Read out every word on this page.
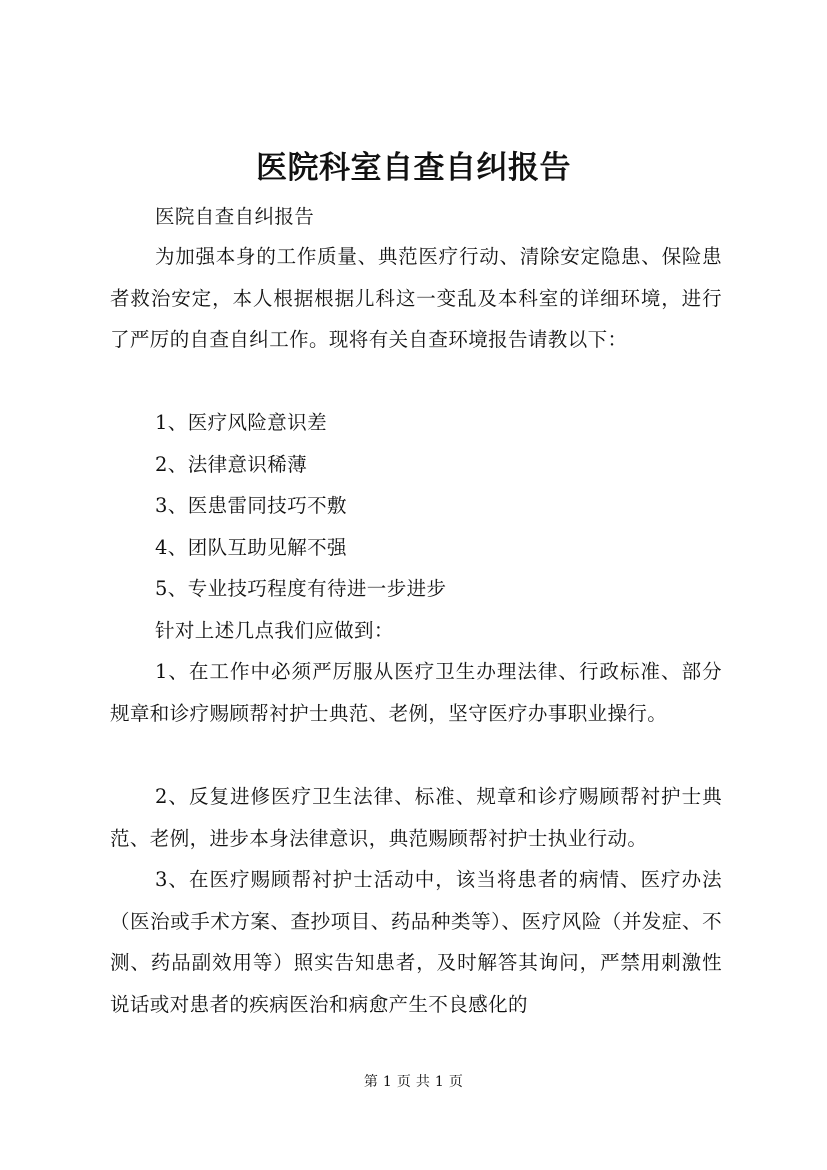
医院科室自查自纠报告

医院自查自纠报告

为加强本身的工作质量、典范医疗行动、清除安定隐患、保险患者救治安定，本人根据根据儿科这一变乱及本科室的详细环境，进行了严厉的自查自纠工作。现将有关自查环境报告请教以下：

1、医疗风险意识差

2、法律意识稀薄

3、医患雷同技巧不敷

4、团队互助见解不强

5、专业技巧程度有待进一步进步

针对上述几点我们应做到：

1、在工作中必须严厉服从医疗卫生办理法律、行政标准、部分规章和诊疗赐顾帮衬护士典范、老例，坚守医疗办事职业操行。

2、反复进修医疗卫生法律、标准、规章和诊疗赐顾帮衬护士典范、老例，进步本身法律意识，典范赐顾帮衬护士执业行动。

3、在医疗赐顾帮衬护士活动中，该当将患者的病情、医疗办法（医治或手术方案、查抄项目、药品种类等）、医疗风险（并发症、不测、药品副效用等）照实告知患者，及时解答其询问，严禁用刺激性说话或对患者的疾病医治和病愈产生不良感化的

第 1 页 共 1 页
